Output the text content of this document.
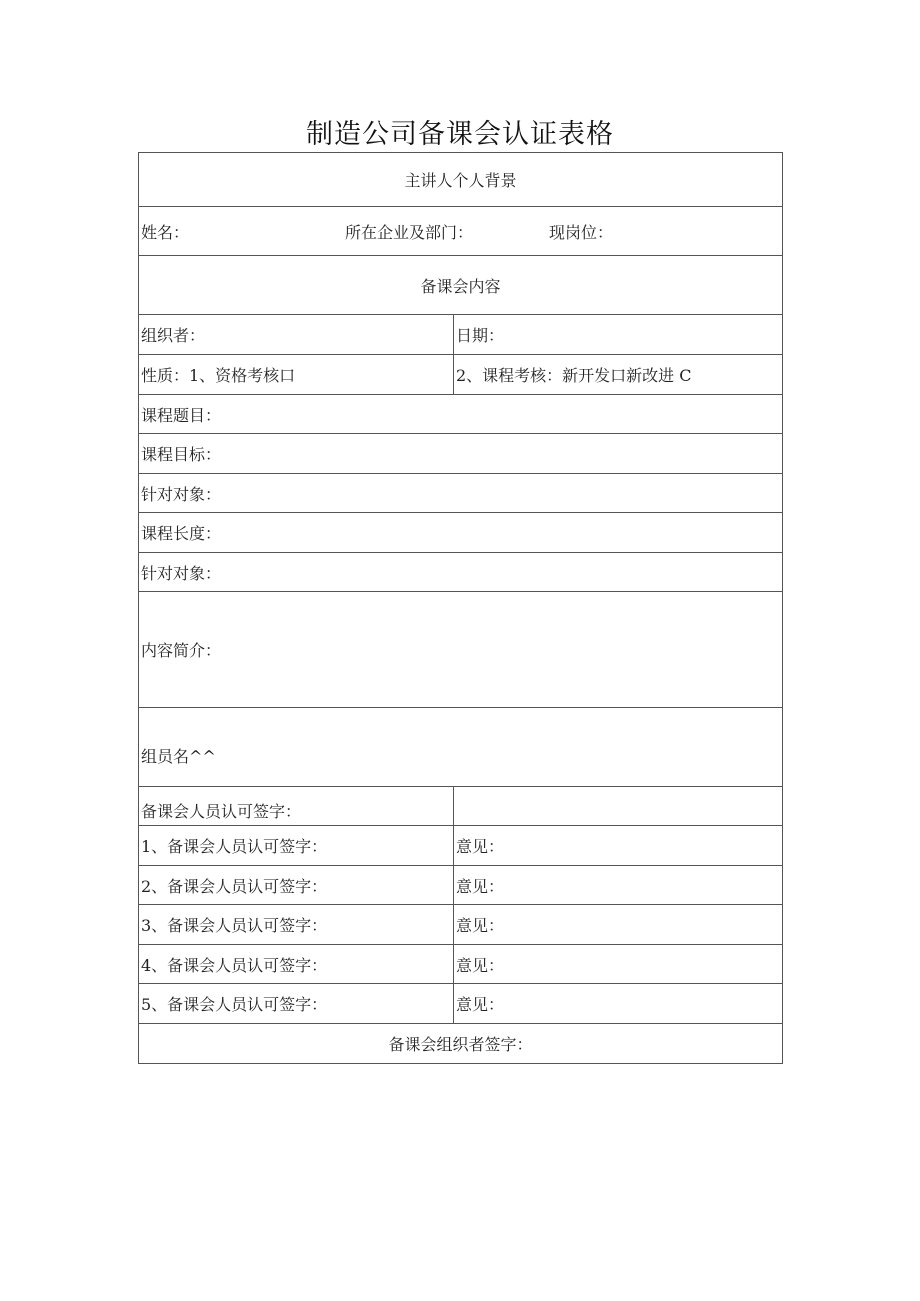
制造公司备课会认证表格
主讲人个人背景	
姓名： 所在企业及部门： 现岗位：	
备课会内容	
组织者：	日期：
性质：1、资格考核口	2、课程考核：新开发口新改进 C
课程题目：	
课程目标：	
针对对象：	
课程长度：	
针对对象：	
内容简介：	
组员名^^	
备课会人员认可签字：	
1、备课会人员认可签字：	意见：
2、备课会人员认可签字：	意见：
3、备课会人员认可签字：	意见：
4、备课会人员认可签字：	意见：
5、备课会人员认可签字：	意见：
备课会组织者签字：	
